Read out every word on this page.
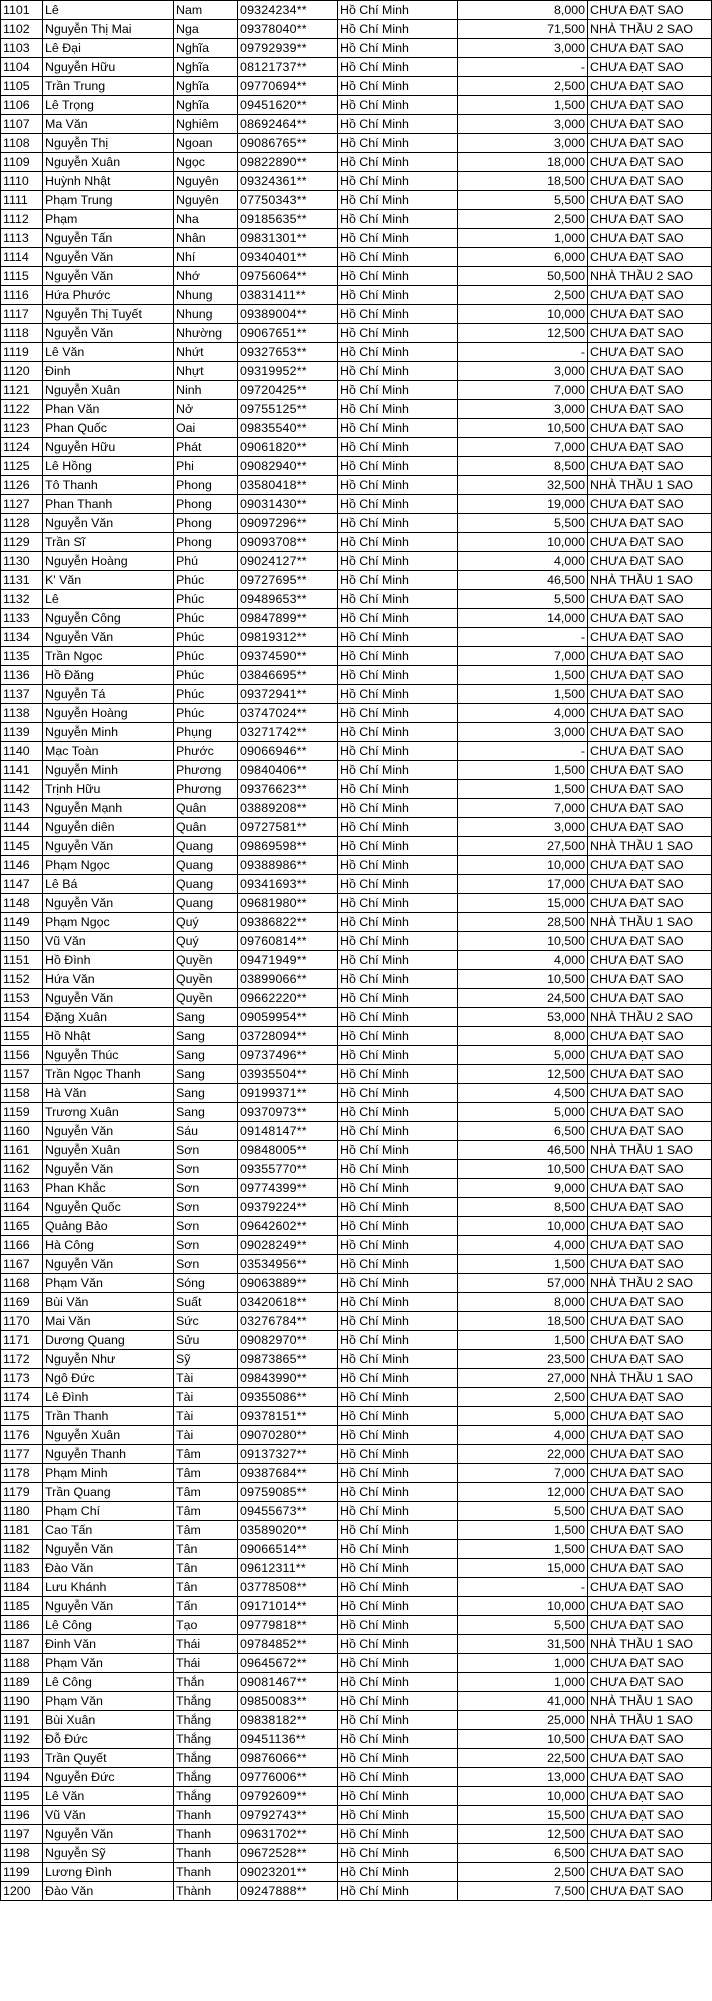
1101	Lê	Nam	09324234**	Hồ Chí Minh	8,000	CHƯA ĐẠT SAO
1102	Nguyễn Thị Mai	Nga	09378040**	Hồ Chí Minh	71,500	NHÀ THẦU 2 SAO
1103	Lê Đại	Nghĩa	09792939**	Hồ Chí Minh	3,000	CHƯA ĐẠT SAO
1104	Nguyễn Hữu	Nghĩa	08121737**	Hồ Chí Minh	-	CHƯA ĐẠT SAO
1105	Trần Trung	Nghĩa	09770694**	Hồ Chí Minh	2,500	CHƯA ĐẠT SAO
1106	Lê Trọng	Nghĩa	09451620**	Hồ Chí Minh	1,500	CHƯA ĐẠT SAO
1107	Ma Văn	Nghiêm	08692464**	Hồ Chí Minh	3,000	CHƯA ĐẠT SAO
1108	Nguyễn Thị	Ngoan	09086765**	Hồ Chí Minh	3,000	CHƯA ĐẠT SAO
1109	Nguyễn Xuân	Ngọc	09822890**	Hồ Chí Minh	18,000	CHƯA ĐẠT SAO
1110	Huỳnh Nhật	Nguyên	09324361**	Hồ Chí Minh	18,500	CHƯA ĐẠT SAO
1111	Phạm Trung	Nguyên	07750343**	Hồ Chí Minh	5,500	CHƯA ĐẠT SAO
1112	Phạm	Nha	09185635**	Hồ Chí Minh	2,500	CHƯA ĐẠT SAO
1113	Nguyễn Tấn	Nhân	09831301**	Hồ Chí Minh	1,000	CHƯA ĐẠT SAO
1114	Nguyễn Văn	Nhí	09340401**	Hồ Chí Minh	6,000	CHƯA ĐẠT SAO
1115	Nguyễn Văn	Nhớ	09756064**	Hồ Chí Minh	50,500	NHÀ THẦU 2 SAO
1116	Hứa Phước	Nhung	03831411**	Hồ Chí Minh	2,500	CHƯA ĐẠT SAO
1117	Nguyễn Thị Tuyết	Nhung	09389004**	Hồ Chí Minh	10,000	CHƯA ĐẠT SAO
1118	Nguyễn Văn	Nhường	09067651**	Hồ Chí Minh	12,500	CHƯA ĐẠT SAO
1119	Lê Văn	Nhứt	09327653**	Hồ Chí Minh	-	CHƯA ĐẠT SAO
1120	Đinh	Nhựt	09319952**	Hồ Chí Minh	3,000	CHƯA ĐẠT SAO
1121	Nguyễn Xuân	Ninh	09720425**	Hồ Chí Minh	7,000	CHƯA ĐẠT SAO
1122	Phan Văn	Nở	09755125**	Hồ Chí Minh	3,000	CHƯA ĐẠT SAO
1123	Phan Quốc	Oai	09835540**	Hồ Chí Minh	10,500	CHƯA ĐẠT SAO
1124	Nguyễn Hữu	Phát	09061820**	Hồ Chí Minh	7,000	CHƯA ĐẠT SAO
1125	Lê Hồng	Phi	09082940**	Hồ Chí Minh	8,500	CHƯA ĐẠT SAO
1126	Tô Thanh	Phong	03580418**	Hồ Chí Minh	32,500	NHÀ THẦU 1 SAO
1127	Phan Thanh	Phong	09031430**	Hồ Chí Minh	19,000	CHƯA ĐẠT SAO
1128	Nguyễn Văn	Phong	09097296**	Hồ Chí Minh	5,500	CHƯA ĐẠT SAO
1129	Trần Sĩ	Phong	09093708**	Hồ Chí Minh	10,000	CHƯA ĐẠT SAO
1130	Nguyễn Hoàng	Phú	09024127**	Hồ Chí Minh	4,000	CHƯA ĐẠT SAO
1131	K' Văn	Phúc	09727695**	Hồ Chí Minh	46,500	NHÀ THẦU 1 SAO
1132	Lê	Phúc	09489653**	Hồ Chí Minh	5,500	CHƯA ĐẠT SAO
1133	Nguyễn Công	Phúc	09847899**	Hồ Chí Minh	14,000	CHƯA ĐẠT SAO
1134	Nguyễn Văn	Phúc	09819312**	Hồ Chí Minh	-	CHƯA ĐẠT SAO
1135	Trần Ngọc	Phúc	09374590**	Hồ Chí Minh	7,000	CHƯA ĐẠT SAO
1136	Hồ Đăng	Phúc	03846695**	Hồ Chí Minh	1,500	CHƯA ĐẠT SAO
1137	Nguyễn Tá	Phúc	09372941**	Hồ Chí Minh	1,500	CHƯA ĐẠT SAO
1138	Nguyễn Hoàng	Phúc	03747024**	Hồ Chí Minh	4,000	CHƯA ĐẠT SAO
1139	Nguyễn Minh	Phụng	03271742**	Hồ Chí Minh	3,000	CHƯA ĐẠT SAO
1140	Mạc Toàn	Phước	09066946**	Hồ Chí Minh	-	CHƯA ĐẠT SAO
1141	Nguyễn Minh	Phương	09840406**	Hồ Chí Minh	1,500	CHƯA ĐẠT SAO
1142	Trịnh Hữu	Phương	09376623**	Hồ Chí Minh	1,500	CHƯA ĐẠT SAO
1143	Nguyễn Mạnh	Quân	03889208**	Hồ Chí Minh	7,000	CHƯA ĐẠT SAO
1144	Nguyễn diên	Quân	09727581**	Hồ Chí Minh	3,000	CHƯA ĐẠT SAO
1145	Nguyễn Văn	Quang	09869598**	Hồ Chí Minh	27,500	NHÀ THẦU 1 SAO
1146	Phạm Ngọc	Quang	09388986**	Hồ Chí Minh	10,000	CHƯA ĐẠT SAO
1147	Lê Bá	Quang	09341693**	Hồ Chí Minh	17,000	CHƯA ĐẠT SAO
1148	Nguyễn Văn	Quang	09681980**	Hồ Chí Minh	15,000	CHƯA ĐẠT SAO
1149	Phạm Ngọc	Quý	09386822**	Hồ Chí Minh	28,500	NHÀ THẦU 1 SAO
1150	Vũ Văn	Quý	09760814**	Hồ Chí Minh	10,500	CHƯA ĐẠT SAO
1151	Hồ Đình	Quyền	09471949**	Hồ Chí Minh	4,000	CHƯA ĐẠT SAO
1152	Hứa Văn	Quyền	03899066**	Hồ Chí Minh	10,500	CHƯA ĐẠT SAO
1153	Nguyễn Văn	Quyền	09662220**	Hồ Chí Minh	24,500	CHƯA ĐẠT SAO
1154	Đặng Xuân	Sang	09059954**	Hồ Chí Minh	53,000	NHÀ THẦU 2 SAO
1155	Hồ Nhật	Sang	03728094**	Hồ Chí Minh	8,000	CHƯA ĐẠT SAO
1156	Nguyễn Thúc	Sang	09737496**	Hồ Chí Minh	5,000	CHƯA ĐẠT SAO
1157	Trần Ngọc Thanh	Sang	03935504**	Hồ Chí Minh	12,500	CHƯA ĐẠT SAO
1158	Hà Văn	Sang	09199371**	Hồ Chí Minh	4,500	CHƯA ĐẠT SAO
1159	Trương Xuân	Sang	09370973**	Hồ Chí Minh	5,000	CHƯA ĐẠT SAO
1160	Nguyễn Văn	Sáu	09148147**	Hồ Chí Minh	6,500	CHƯA ĐẠT SAO
1161	Nguyễn Xuân	Sơn	09848005**	Hồ Chí Minh	46,500	NHÀ THẦU 1 SAO
1162	Nguyễn Văn	Sơn	09355770**	Hồ Chí Minh	10,500	CHƯA ĐẠT SAO
1163	Phan Khắc	Sơn	09774399**	Hồ Chí Minh	9,000	CHƯA ĐẠT SAO
1164	Nguyễn Quốc	Sơn	09379224**	Hồ Chí Minh	8,500	CHƯA ĐẠT SAO
1165	Quảng Bảo	Sơn	09642602**	Hồ Chí Minh	10,000	CHƯA ĐẠT SAO
1166	Hà Công	Sơn	09028249**	Hồ Chí Minh	4,000	CHƯA ĐẠT SAO
1167	Nguyễn Văn	Sơn	03534956**	Hồ Chí Minh	1,500	CHƯA ĐẠT SAO
1168	Phạm Văn	Sóng	09063889**	Hồ Chí Minh	57,000	NHÀ THẦU 2 SAO
1169	Bùi Văn	Suất	03420618**	Hồ Chí Minh	8,000	CHƯA ĐẠT SAO
1170	Mai Văn	Sức	03276784**	Hồ Chí Minh	18,500	CHƯA ĐẠT SAO
1171	Dương Quang	Sửu	09082970**	Hồ Chí Minh	1,500	CHƯA ĐẠT SAO
1172	Nguyễn Như	Sỹ	09873865**	Hồ Chí Minh	23,500	CHƯA ĐẠT SAO
1173	Ngô Đức	Tài	09843990**	Hồ Chí Minh	27,000	NHÀ THẦU 1 SAO
1174	Lê Đình	Tài	09355086**	Hồ Chí Minh	2,500	CHƯA ĐẠT SAO
1175	Trần Thanh	Tài	09378151**	Hồ Chí Minh	5,000	CHƯA ĐẠT SAO
1176	Nguyễn Xuân	Tài	09070280**	Hồ Chí Minh	4,000	CHƯA ĐẠT SAO
1177	Nguyễn Thanh	Tâm	09137327**	Hồ Chí Minh	22,000	CHƯA ĐẠT SAO
1178	Phạm Minh	Tâm	09387684**	Hồ Chí Minh	7,000	CHƯA ĐẠT SAO
1179	Trần Quang	Tâm	09759085**	Hồ Chí Minh	12,000	CHƯA ĐẠT SAO
1180	Phạm Chí	Tâm	09455673**	Hồ Chí Minh	5,500	CHƯA ĐẠT SAO
1181	Cao Tấn	Tâm	03589020**	Hồ Chí Minh	1,500	CHƯA ĐẠT SAO
1182	Nguyễn Văn	Tân	09066514**	Hồ Chí Minh	1,500	CHƯA ĐẠT SAO
1183	Đào Văn	Tân	09612311**	Hồ Chí Minh	15,000	CHƯA ĐẠT SAO
1184	Lưu Khánh	Tân	03778508**	Hồ Chí Minh	-	CHƯA ĐẠT SAO
1185	Nguyễn Văn	Tấn	09171014**	Hồ Chí Minh	10,000	CHƯA ĐẠT SAO
1186	Lê Công	Tạo	09779818**	Hồ Chí Minh	5,500	CHƯA ĐẠT SAO
1187	Đinh Văn	Thái	09784852**	Hồ Chí Minh	31,500	NHÀ THẦU 1 SAO
1188	Phạm Văn	Thái	09645672**	Hồ Chí Minh	1,000	CHƯA ĐẠT SAO
1189	Lê Công	Thắn	09081467**	Hồ Chí Minh	1,000	CHƯA ĐẠT SAO
1190	Phạm Văn	Thắng	09850083**	Hồ Chí Minh	41,000	NHÀ THẦU 1 SAO
1191	Bùi Xuân	Thắng	09838182**	Hồ Chí Minh	25,000	NHÀ THẦU 1 SAO
1192	Đỗ Đức	Thắng	09451136**	Hồ Chí Minh	10,500	CHƯA ĐẠT SAO
1193	Trần Quyết	Thắng	09876066**	Hồ Chí Minh	22,500	CHƯA ĐẠT SAO
1194	Nguyễn Đức	Thắng	09776006**	Hồ Chí Minh	13,000	CHƯA ĐẠT SAO
1195	Lê Văn	Thắng	09792609**	Hồ Chí Minh	10,000	CHƯA ĐẠT SAO
1196	Vũ Văn	Thanh	09792743**	Hồ Chí Minh	15,500	CHƯA ĐẠT SAO
1197	Nguyễn Văn	Thanh	09631702**	Hồ Chí Minh	12,500	CHƯA ĐẠT SAO
1198	Nguyễn Sỹ	Thanh	09672528**	Hồ Chí Minh	6,500	CHƯA ĐẠT SAO
1199	Lương Đình	Thanh	09023201**	Hồ Chí Minh	2,500	CHƯA ĐẠT SAO
1200	Đào Văn	Thành	09247888**	Hồ Chí Minh	7,500	CHƯA ĐẠT SAO
